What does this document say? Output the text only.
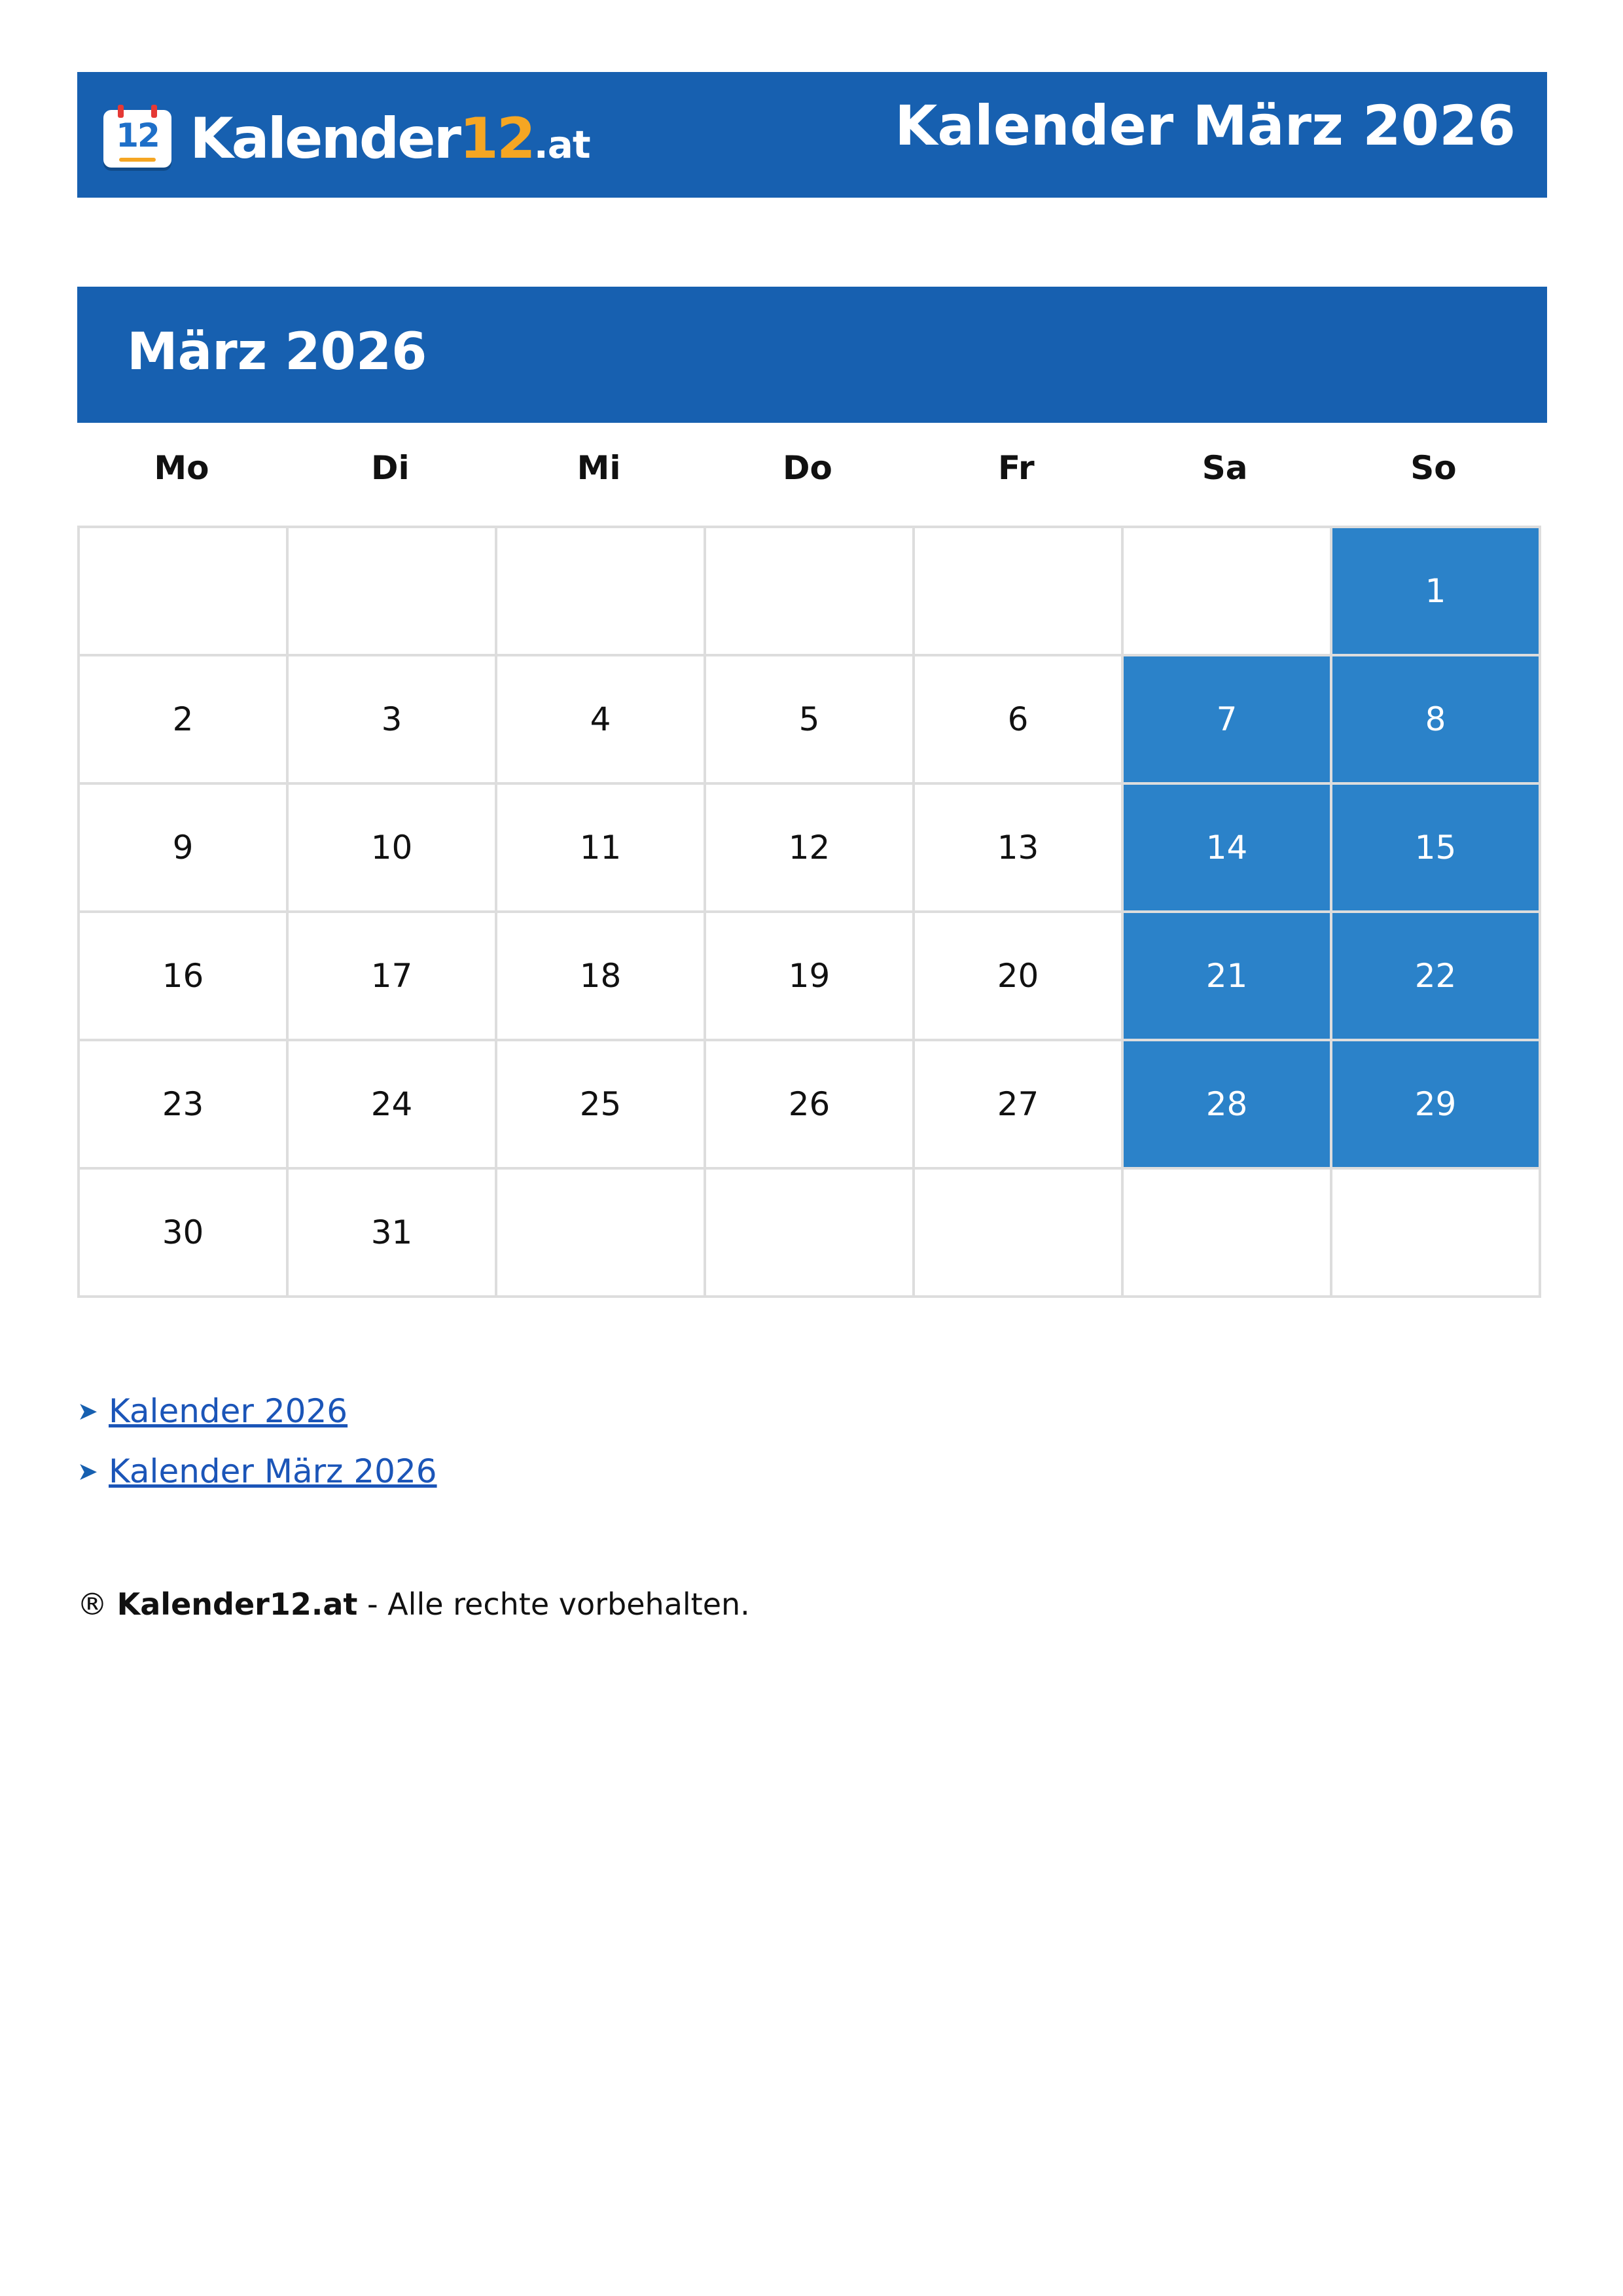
12 Kalender12.at	Kalender März 2026
März 2026
Mo	Di	Mi	Do	Fr	Sa	So
						1
2	3	4	5	6	7	8
9	10	11	12	13	14	15
16	17	18	19	20	21	22
23	24	25	26	27	28	29
30	31					
➤ Kalender 2026
➤ Kalender März 2026
® Kalender12.at - Alle rechte vorbehalten.
